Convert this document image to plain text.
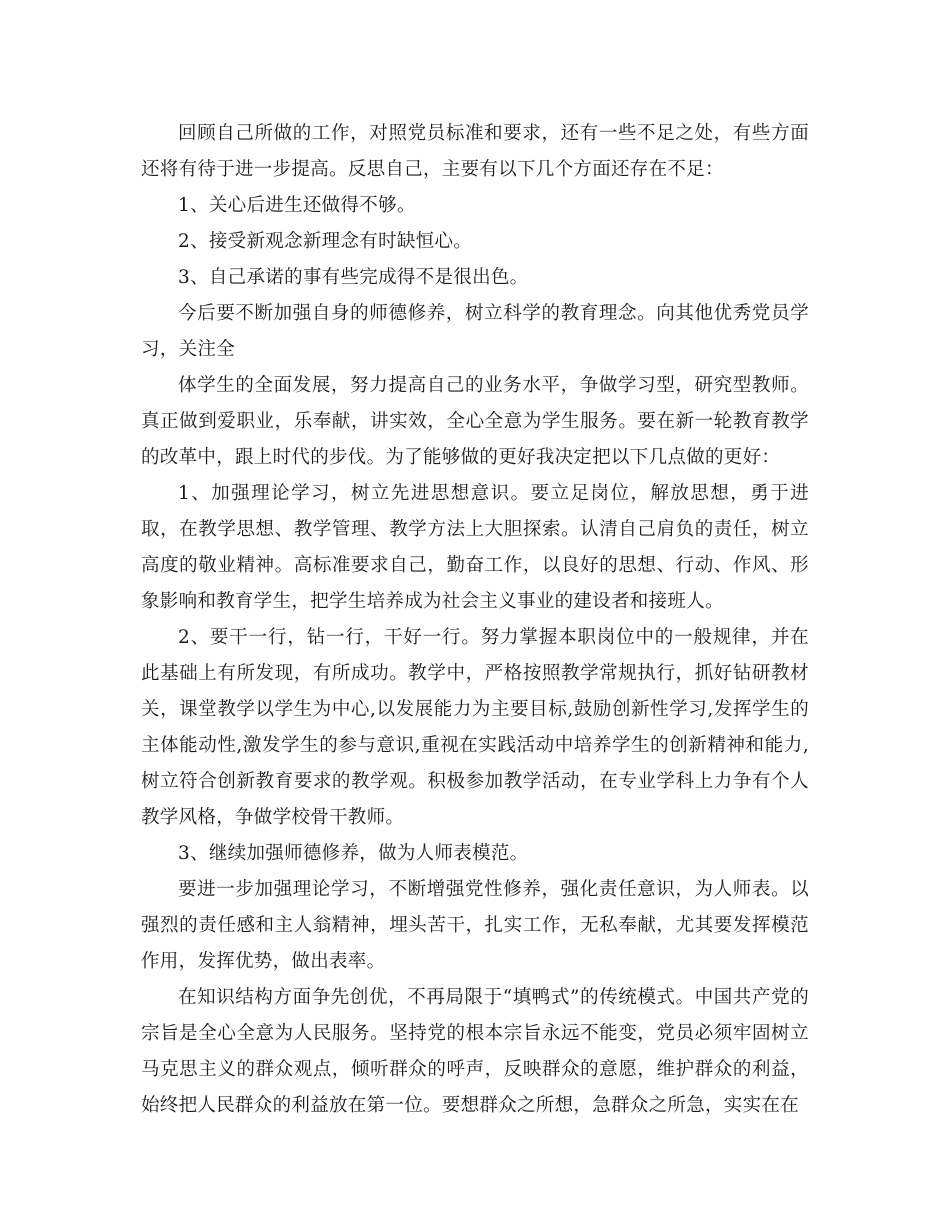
回顾自己所做的工作，对照党员标准和要求，还有一些不足之处，有些方面还将有待于进一步提高。反思自己，主要有以下几个方面还存在不足：

1、关心后进生还做得不够。

2、接受新观念新理念有时缺恒心。

3、自己承诺的事有些完成得不是很出色。

今后要不断加强自身的师德修养，树立科学的教育理念。向其他优秀党员学习，关注全

体学生的全面发展，努力提高自己的业务水平，争做学习型，研究型教师。真正做到爱职业，乐奉献，讲实效，全心全意为学生服务。要在新一轮教育教学的改革中，跟上时代的步伐。为了能够做的更好我决定把以下几点做的更好：

1、加强理论学习，树立先进思想意识。要立足岗位，解放思想，勇于进取，在教学思想、教学管理、教学方法上大胆探索。认清自己肩负的责任，树立高度的敬业精神。高标准要求自己，勤奋工作，以良好的思想、行动、作风、形象影响和教育学生，把学生培养成为社会主义事业的建设者和接班人。

2、要干一行，钻一行，干好一行。努力掌握本职岗位中的一般规律，并在此基础上有所发现，有所成功。教学中，严格按照教学常规执行，抓好钻研教材关，课堂教学以学生为中心,以发展能力为主要目标,鼓励创新性学习,发挥学生的主体能动性,激发学生的参与意识,重视在实践活动中培养学生的创新精神和能力,树立符合创新教育要求的教学观。积极参加教学活动，在专业学科上力争有个人教学风格，争做学校骨干教师。

3、继续加强师德修养，做为人师表模范。

要进一步加强理论学习，不断增强党性修养，强化责任意识，为人师表。以强烈的责任感和主人翁精神，埋头苦干，扎实工作，无私奉献，尤其要发挥模范作用，发挥优势，做出表率。

在知识结构方面争先创优，不再局限于“填鸭式”的传统模式。中国共产党的宗旨是全心全意为人民服务。坚持党的根本宗旨永远不能变，党员必须牢固树立马克思主义的群众观点，倾听群众的呼声，反映群众的意愿，维护群众的利益，始终把人民群众的利益放在第一位。要想群众之所想，急群众之所急，实实在在
